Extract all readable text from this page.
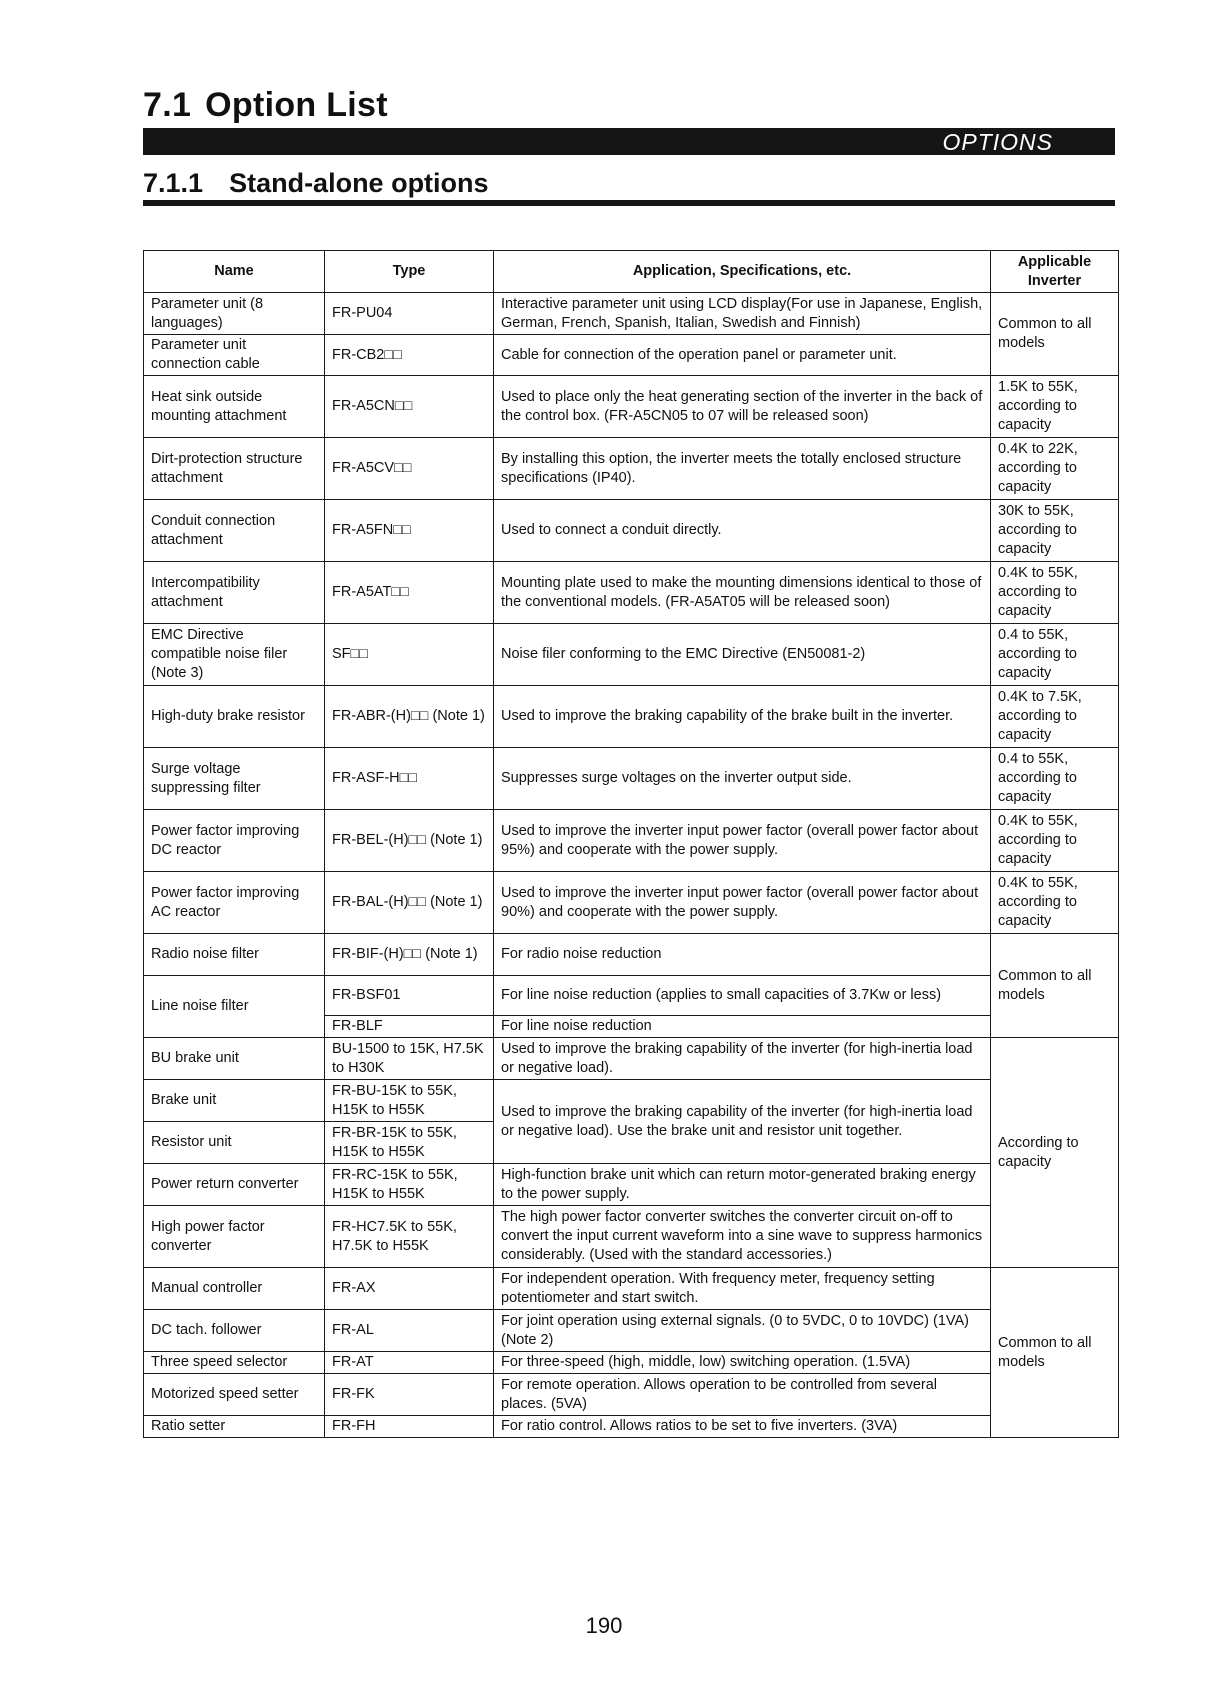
7.1 Option List
OPTIONS
7.1.1 Stand-alone options
Name	Type	Application, Specifications, etc.	Applicable Inverter
Parameter unit (8 languages)	FR-PU04	Interactive parameter unit using LCD display(For use in Japanese, English, German, French, Spanish, Italian, Swedish and Finnish)	Common to all models
Parameter unit connection cable	FR-CB2□□	Cable for connection of the operation panel or parameter unit.	
Heat sink outside mounting attachment	FR-A5CN□□	Used to place only the heat generating section of the inverter in the back of the control box. (FR-A5CN05 to 07 will be released soon)	1.5K to 55K, according to capacity
Dirt-protection structure attachment	FR-A5CV□□	By installing this option, the inverter meets the totally enclosed structure specifications (IP40).	0.4K to 22K, according to capacity
Conduit connection attachment	FR-A5FN□□	Used to connect a conduit directly.	30K to 55K, according to capacity
Intercompatibility attachment	FR-A5AT□□	Mounting plate used to make the mounting dimensions identical to those of the conventional models. (FR-A5AT05 will be released soon)	0.4K to 55K, according to capacity
EMC Directive compatible noise filer (Note 3)	SF□□	Noise filer conforming to the EMC Directive (EN50081-2)	0.4 to 55K, according to capacity
High-duty brake resistor	FR-ABR-(H)□□ (Note 1)	Used to improve the braking capability of the brake built in the inverter.	0.4K to 7.5K, according to capacity
Surge voltage suppressing filter	FR-ASF-H□□	Suppresses surge voltages on the inverter output side.	0.4 to 55K, according to capacity
Power factor improving DC reactor	FR-BEL-(H)□□ (Note 1)	Used to improve the inverter input power factor (overall power factor about 95%) and cooperate with the power supply.	0.4K to 55K, according to capacity
Power factor improving AC reactor	FR-BAL-(H)□□ (Note 1)	Used to improve the inverter input power factor (overall power factor about 90%) and cooperate with the power supply.	0.4K to 55K, according to capacity
Radio noise filter	FR-BIF-(H)□□ (Note 1)	For radio noise reduction	Common to all models
Line noise filter	FR-BSF01	For line noise reduction (applies to small capacities of 3.7Kw or less)	
	FR-BLF	For line noise reduction	
BU brake unit	BU-1500 to 15K, H7.5K to H30K	Used to improve the braking capability of the inverter (for high-inertia load or negative load).	According to capacity
Brake unit	FR-BU-15K to 55K, H15K to H55K	Used to improve the braking capability of the inverter (for high-inertia load or negative load). Use the brake unit and resistor unit together.	
Resistor unit	FR-BR-15K to 55K, H15K to H55K		
Power return converter	FR-RC-15K to 55K, H15K to H55K	High-function brake unit which can return motor-generated braking energy to the power supply.	
High power factor converter	FR-HC7.5K to 55K, H7.5K to H55K	The high power factor converter switches the converter circuit on-off to convert the input current waveform into a sine wave to suppress harmonics considerably. (Used with the standard accessories.)	
Manual controller	FR-AX	For independent operation. With frequency meter, frequency setting potentiometer and start switch.	Common to all models
DC tach. follower	FR-AL	For joint operation using external signals. (0 to 5VDC, 0 to 10VDC) (1VA) (Note 2)	
Three speed selector	FR-AT	For three-speed (high, middle, low) switching operation. (1.5VA)	
Motorized speed setter	FR-FK	For remote operation. Allows operation to be controlled from several places. (5VA)	
Ratio setter	FR-FH	For ratio control. Allows ratios to be set to five inverters. (3VA)	
190
